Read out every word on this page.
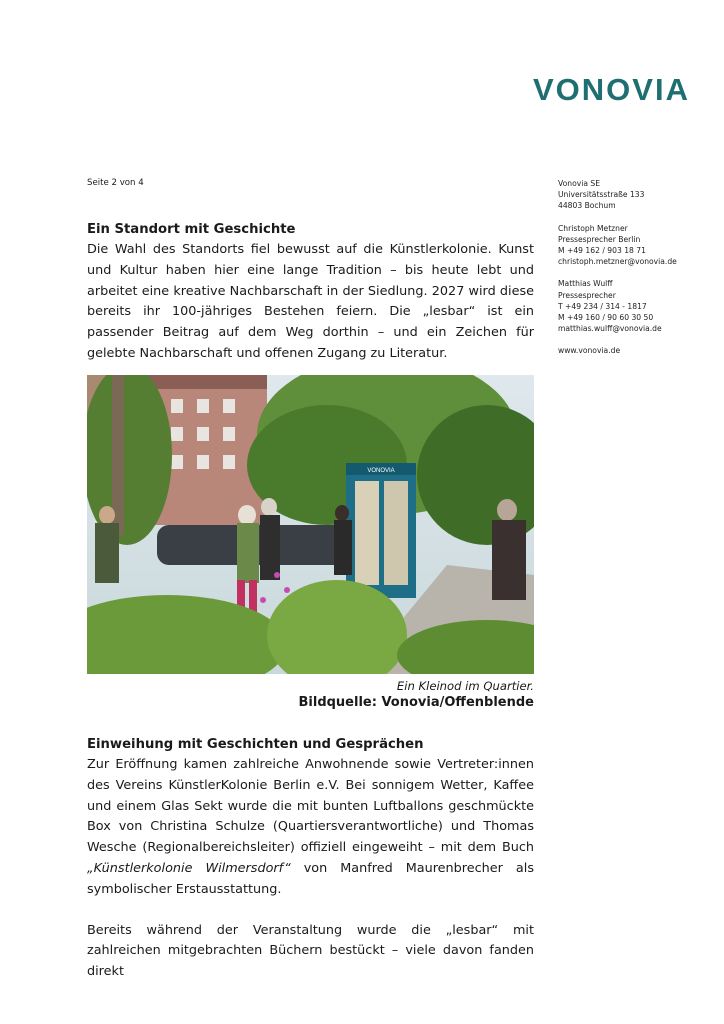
VONOVIA
Seite 2 von 4	Vonovia SE
Universitätsstraße 133
44803 Bochum
Christoph Metzner
Pressesprecher Berlin
M +49 162 / 903 18 71
christoph.metzner@vonovia.de
Matthias Wulff
Pressesprecher
T +49 234 / 314 - 1817
M +49 160 / 90 60 30 50
matthias.wulff@vonovia.de
www.vonovia.de
Ein Standort mit Geschichte

Die Wahl des Standorts fiel bewusst auf die Künstlerkolonie. Kunst und Kultur haben hier eine lange Tradition – bis heute lebt und arbeitet eine kreative Nachbarschaft in der Siedlung. 2027 wird diese bereits ihr 100-jähriges Bestehen feiern. Die „lesbar“ ist ein passender Beitrag auf dem Weg dorthin – und ein Zeichen für gelebte Nachbarschaft und offenen Zugang zu Literatur.

VONOVIA
Ein Kleinod im Quartier.
Bildquelle: Vonovia/Offenblende
Einweihung mit Geschichten und Gesprächen

Zur Eröffnung kamen zahlreiche Anwohnende sowie Vertreter:innen des Vereins KünstlerKolonie Berlin e.V. Bei sonnigem Wetter, Kaffee und einem Glas Sekt wurde die mit bunten Luftballons geschmückte Box von Christina Schulze (Quartiersverantwortliche) und Thomas Wesche (Regionalbereichsleiter) offiziell eingeweiht – mit dem Buch „Künstlerkolonie Wilmersdorf“ von Manfred Maurenbrecher als symbolischer Erstausstattung.

Bereits während der Veranstaltung wurde die „lesbar“ mit zahlreichen mitgebrachten Büchern bestückt – viele davon fanden direkt
